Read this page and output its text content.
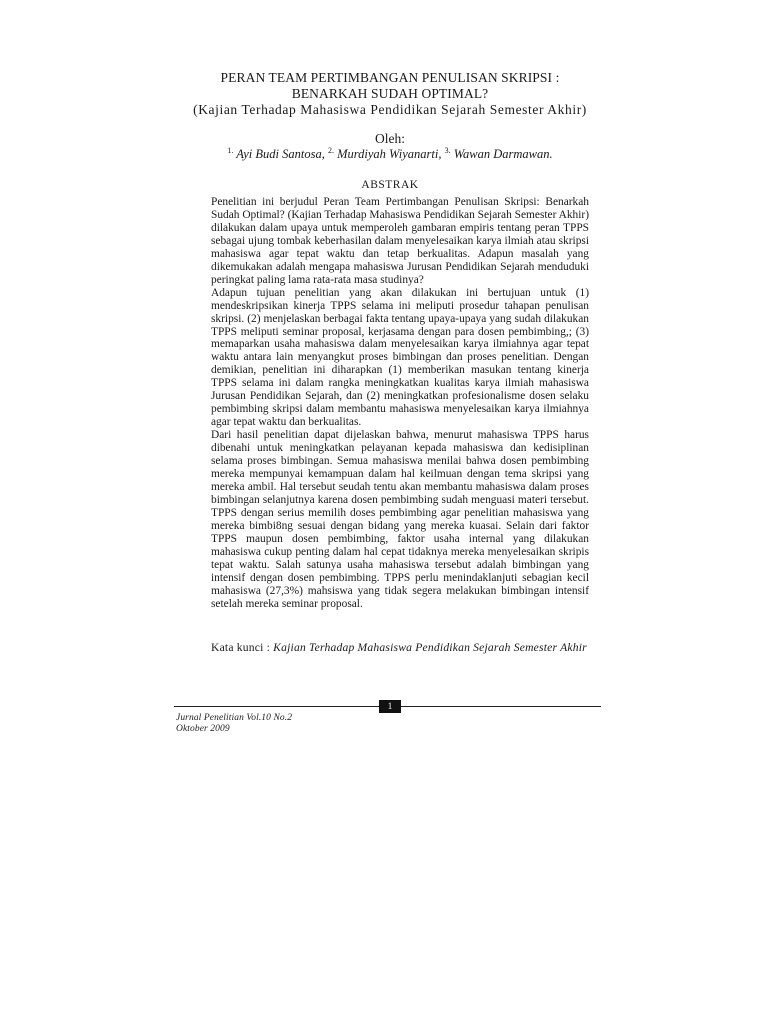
PERAN TEAM PERTIMBANGAN PENULISAN SKRIPSI :
BENARKAH SUDAH OPTIMAL?
(Kajian Terhadap Mahasiswa Pendidikan Sejarah Semester Akhir)
Oleh:
$^{1.}$ Ayi Budi Santosa, $^{2.}$ Murdiyah Wiyanarti, $^{3.}$ Wawan Darmawan.
ABSTRAK

Penelitian ini berjudul Peran Team Pertimbangan Penulisan Skripsi: Benarkah Sudah Optimal? (Kajian Terhadap Mahasiswa Pendidikan Sejarah Semester Akhir) dilakukan dalam upaya untuk memperoleh gambaran empiris tentang peran TPPS sebagai ujung tombak keberhasilan dalam menyelesaikan karya ilmiah atau skripsi mahasiswa agar tepat waktu dan tetap berkualitas. Adapun masalah yang dikemukakan adalah mengapa mahasiswa Jurusan Pendidikan Sejarah menduduki peringkat paling lama rata-rata masa studinya?

Adapun tujuan penelitian yang akan dilakukan ini bertujuan untuk (1) mendeskripsikan kinerja TPPS selama ini meliputi prosedur tahapan penulisan skripsi. (2) menjelaskan berbagai fakta tentang upaya-upaya yang sudah dilakukan TPPS meliputi seminar proposal, kerjasama dengan para dosen pembimbing,; (3) memaparkan usaha mahasiswa dalam menyelesaikan karya ilmiahnya agar tepat waktu antara lain menyangkut proses bimbingan dan proses penelitian. Dengan demikian, penelitian ini diharapkan (1) memberikan masukan tentang kinerja TPPS selama ini dalam rangka meningkatkan kualitas karya ilmiah mahasiswa Jurusan Pendidikan Sejarah, dan (2) meningkatkan profesionalisme dosen selaku pembimbing skripsi dalam membantu mahasiswa menyelesaikan karya ilmiahnya agar tepat waktu dan berkualitas.

Dari hasil penelitian dapat dijelaskan bahwa, menurut mahasiswa TPPS harus dibenahi untuk meningkatkan pelayanan kepada mahasiswa dan kedisiplinan selama proses bimbingan. Semua mahasiswa menilai bahwa dosen pembimbing mereka mempunyai kemampuan dalam hal keilmuan dengan tema skripsi yang mereka ambil. Hal tersebut seudah tentu akan membantu mahasiswa dalam proses bimbingan selanjutnya karena dosen pembimbing sudah menguasi materi tersebut. TPPS dengan serius memilih doses pembimbing agar penelitian mahasiswa yang mereka bimbi8ng sesuai dengan bidang yang mereka kuasai. Selain dari faktor TPPS maupun dosen pembimbing, faktor usaha internal yang dilakukan mahasiswa cukup penting dalam hal cepat tidaknya mereka menyelesaikan skripis tepat waktu. Salah satunya usaha mahasiswa tersebut adalah bimbingan yang intensif dengan dosen pembimbing. TPPS perlu menindaklanjuti sebagian kecil mahasiswa (27,3%) mahsiswa yang tidak segera melakukan bimbingan intensif setelah mereka seminar proposal.

Kata kunci : Kajian Terhadap Mahasiswa Pendidikan Sejarah Semester Akhir
1
Jurnal Penelitian Vol.10 No.2
Oktober 2009
